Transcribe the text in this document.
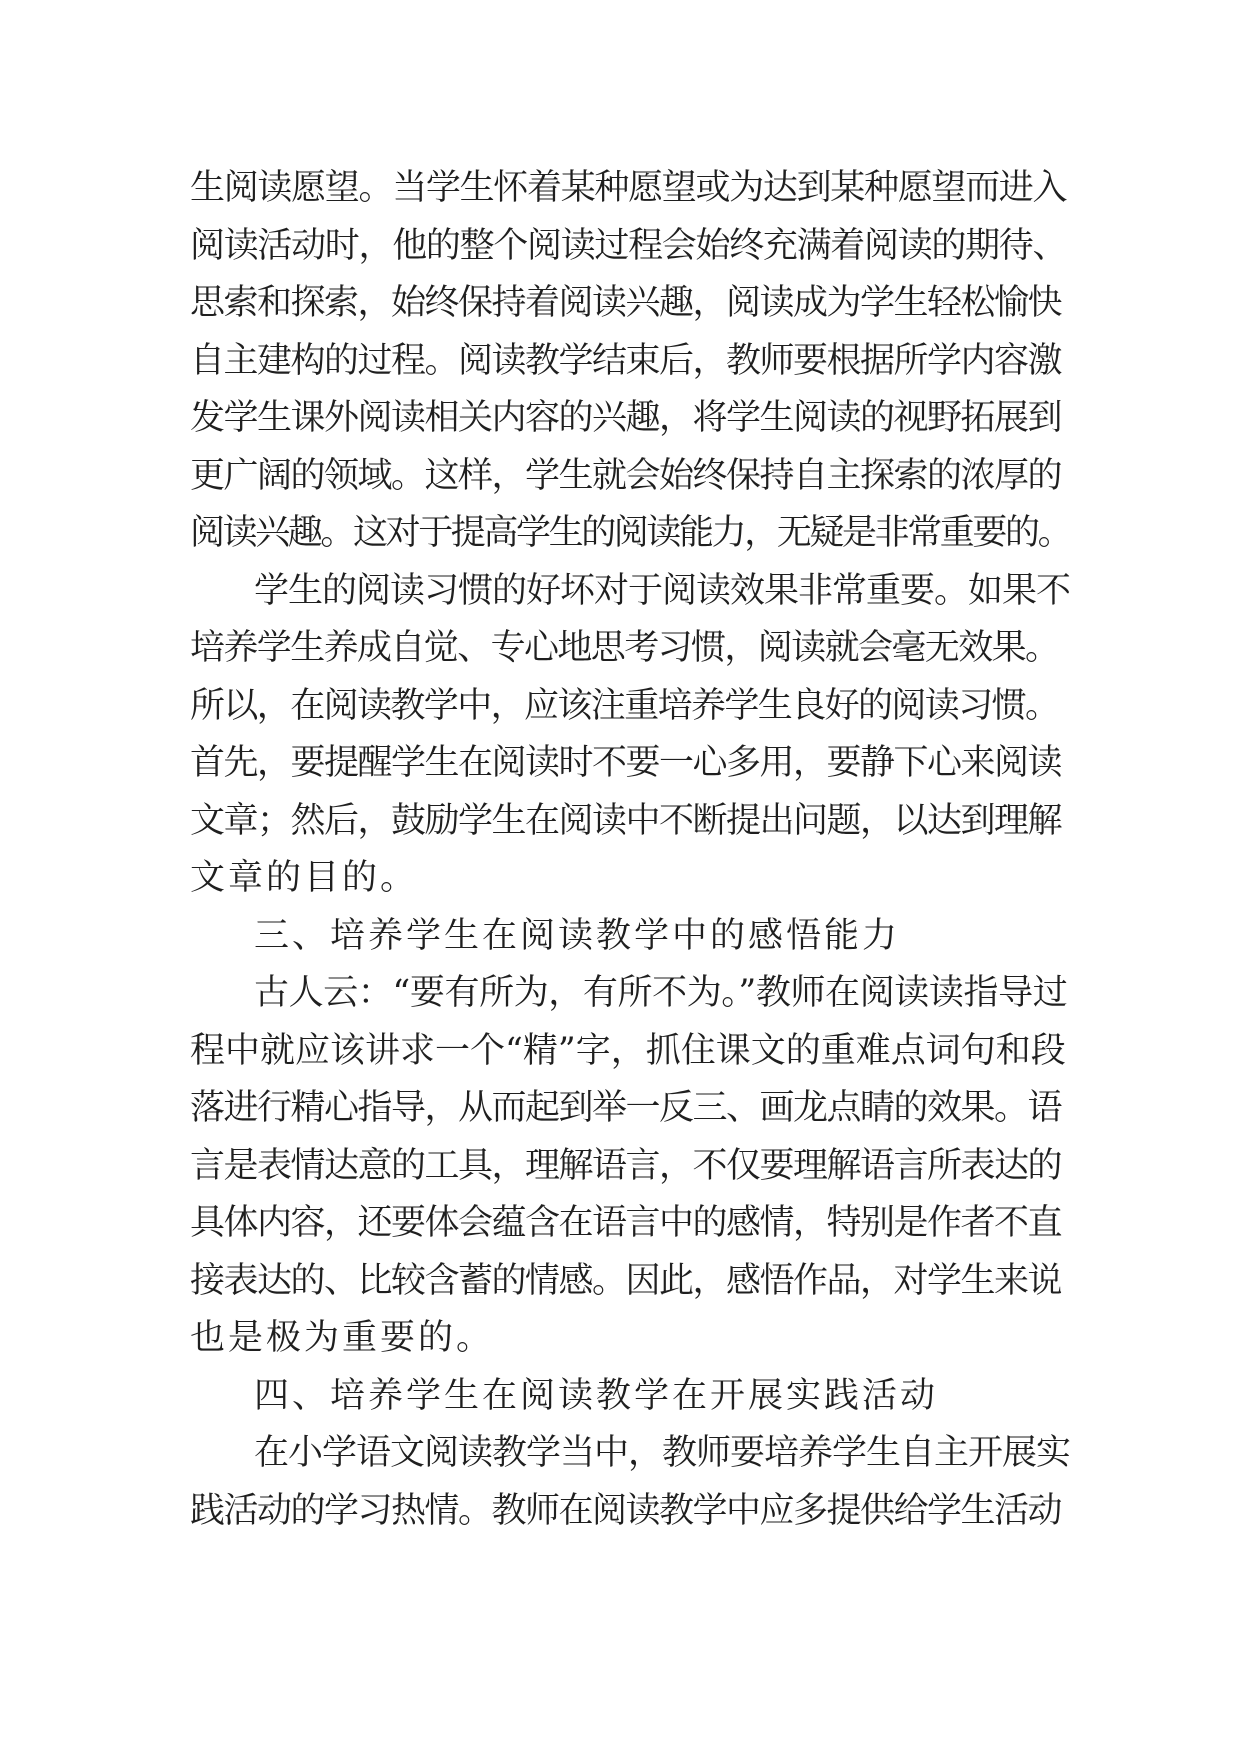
生阅读愿望。当学生怀着某种愿望或为达到某种愿望而进入
阅读活动时，他的整个阅读过程会始终充满着阅读的期待、
思索和探索，始终保持着阅读兴趣，阅读成为学生轻松愉快
自主建构的过程。阅读教学结束后，教师要根据所学内容激
发学生课外阅读相关内容的兴趣，将学生阅读的视野拓展到
更广阔的领域。这样，学生就会始终保持自主探索的浓厚的
阅读兴趣。这对于提高学生的阅读能力，无疑是非常重要的。
学生的阅读习惯的好坏对于阅读效果非常重要。如果不
培养学生养成自觉、专心地思考习惯，阅读就会毫无效果。
所以，在阅读教学中，应该注重培养学生良好的阅读习惯。
首先，要提醒学生在阅读时不要一心多用，要静下心来阅读
文章；然后，鼓励学生在阅读中不断提出问题，以达到理解
文章的目的。
三、培养学生在阅读教学中的感悟能力
古人云：“要有所为，有所不为。”教师在阅读读指导过
程中就应该讲求一个“精”字，抓住课文的重难点词句和段
落进行精心指导，从而起到举一反三、画龙点睛的效果。语
言是表情达意的工具，理解语言，不仅要理解语言所表达的
具体内容，还要体会蕴含在语言中的感情，特别是作者不直
接表达的、比较含蓄的情感。因此，感悟作品，对学生来说
也是极为重要的。
四、培养学生在阅读教学在开展实践活动
在小学语文阅读教学当中，教师要培养学生自主开展实
践活动的学习热情。教师在阅读教学中应多提供给学生活动
